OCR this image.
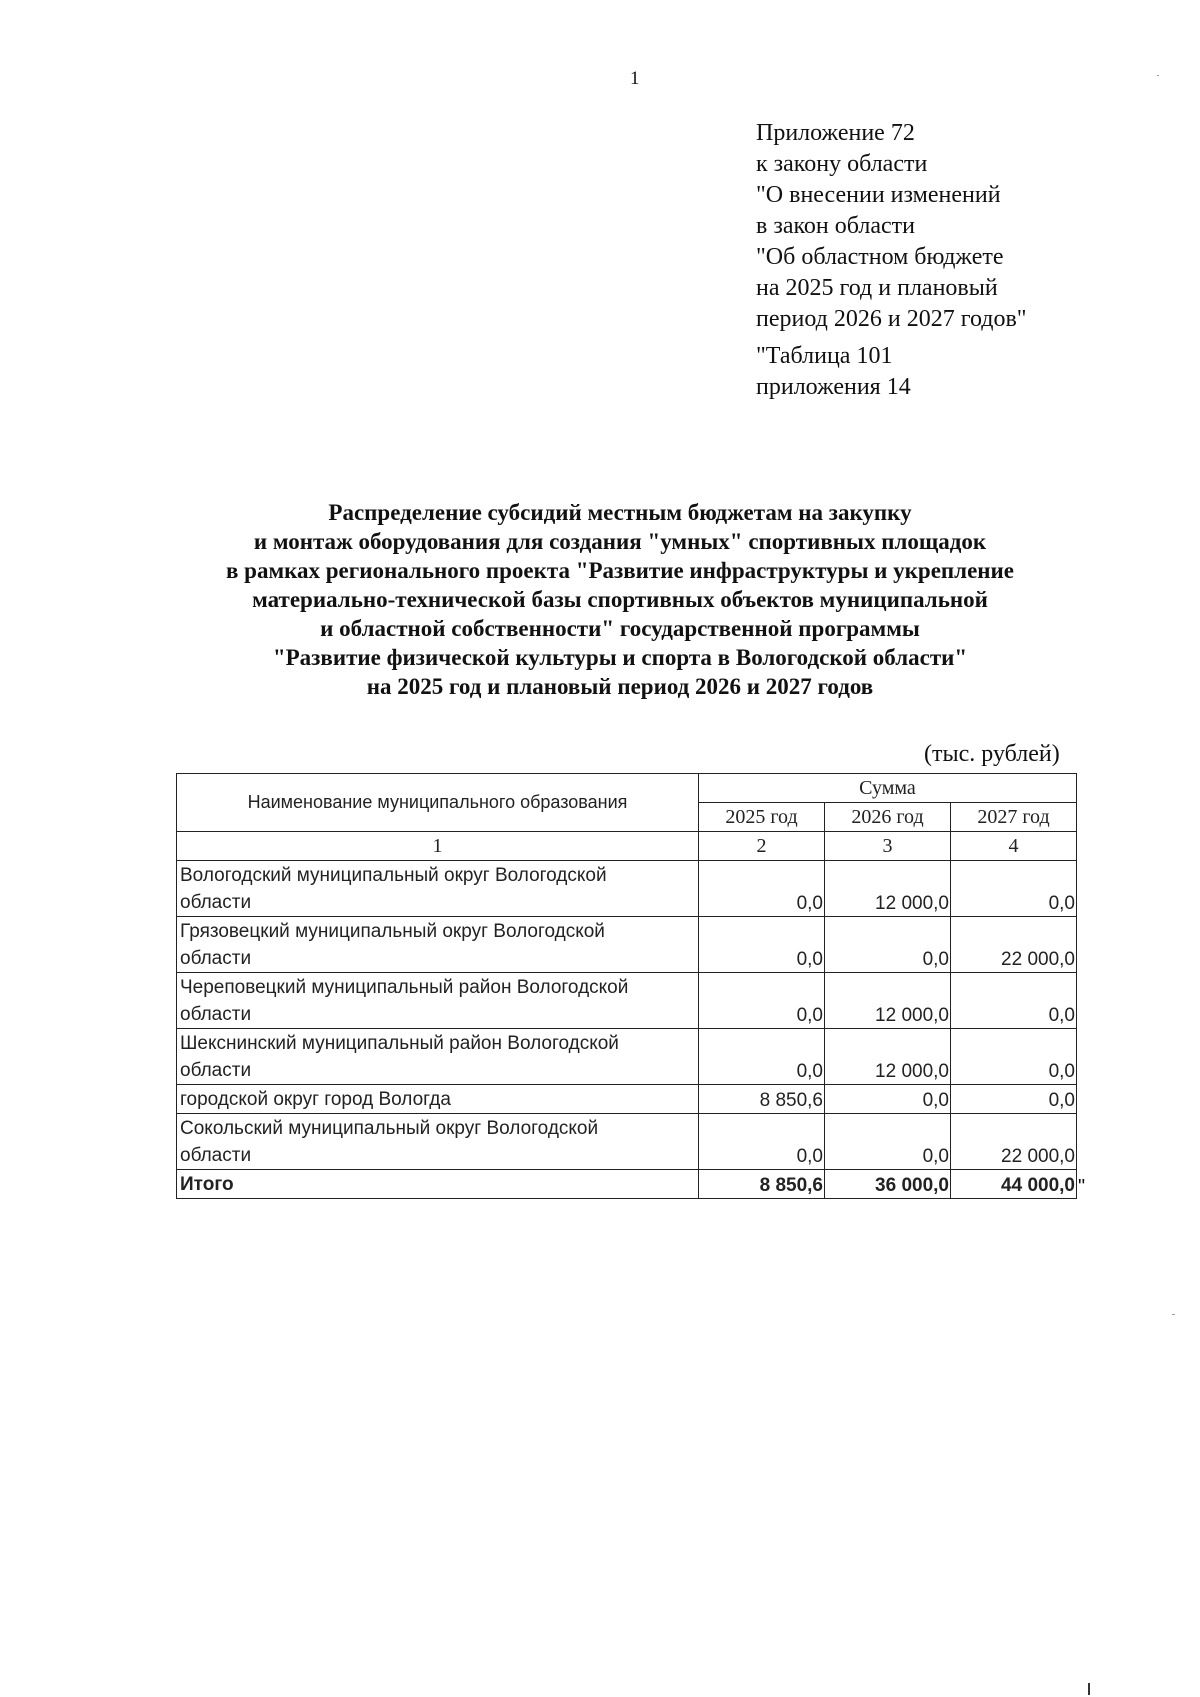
1
Приложение 72
к закону области
"О внесении изменений
в закон области
"Об областном бюджете
на 2025 год и плановый
период 2026 и 2027 годов"
"Таблица 101
приложения 14
Распределение субсидий местным бюджетам на закупку
и монтаж оборудования для создания "умных" спортивных площадок
в рамках регионального проекта "Развитие инфраструктуры и укрепление
материально-технической базы спортивных объектов муниципальной
и областной собственности" государственной программы
"Развитие физической культуры и спорта в Вологодской области"
на 2025 год и плановый период 2026 и 2027 годов
(тыс. рублей)
Наименование муниципального образования	Сумма		
	2025 год	2026 год	2027 год
1	2	3	4

Вологодский муниципальный округ Вологодской
области	0,0	12 000,0	0,0

Грязовецкий муниципальный округ Вологодской
области	0,0	0,0	22 000,0

Череповецкий муниципальный район Вологодской
области	0,0	12 000,0	0,0

Шекснинский муниципальный район Вологодской
области	0,0	12 000,0	0,0
городской округ город Вологда	8 850,6	0,0	0,0

Сокольский муниципальный округ Вологодской
области	0,0	0,0	22 000,0
Итого	8 850,6	36 000,0	44 000,0 "
